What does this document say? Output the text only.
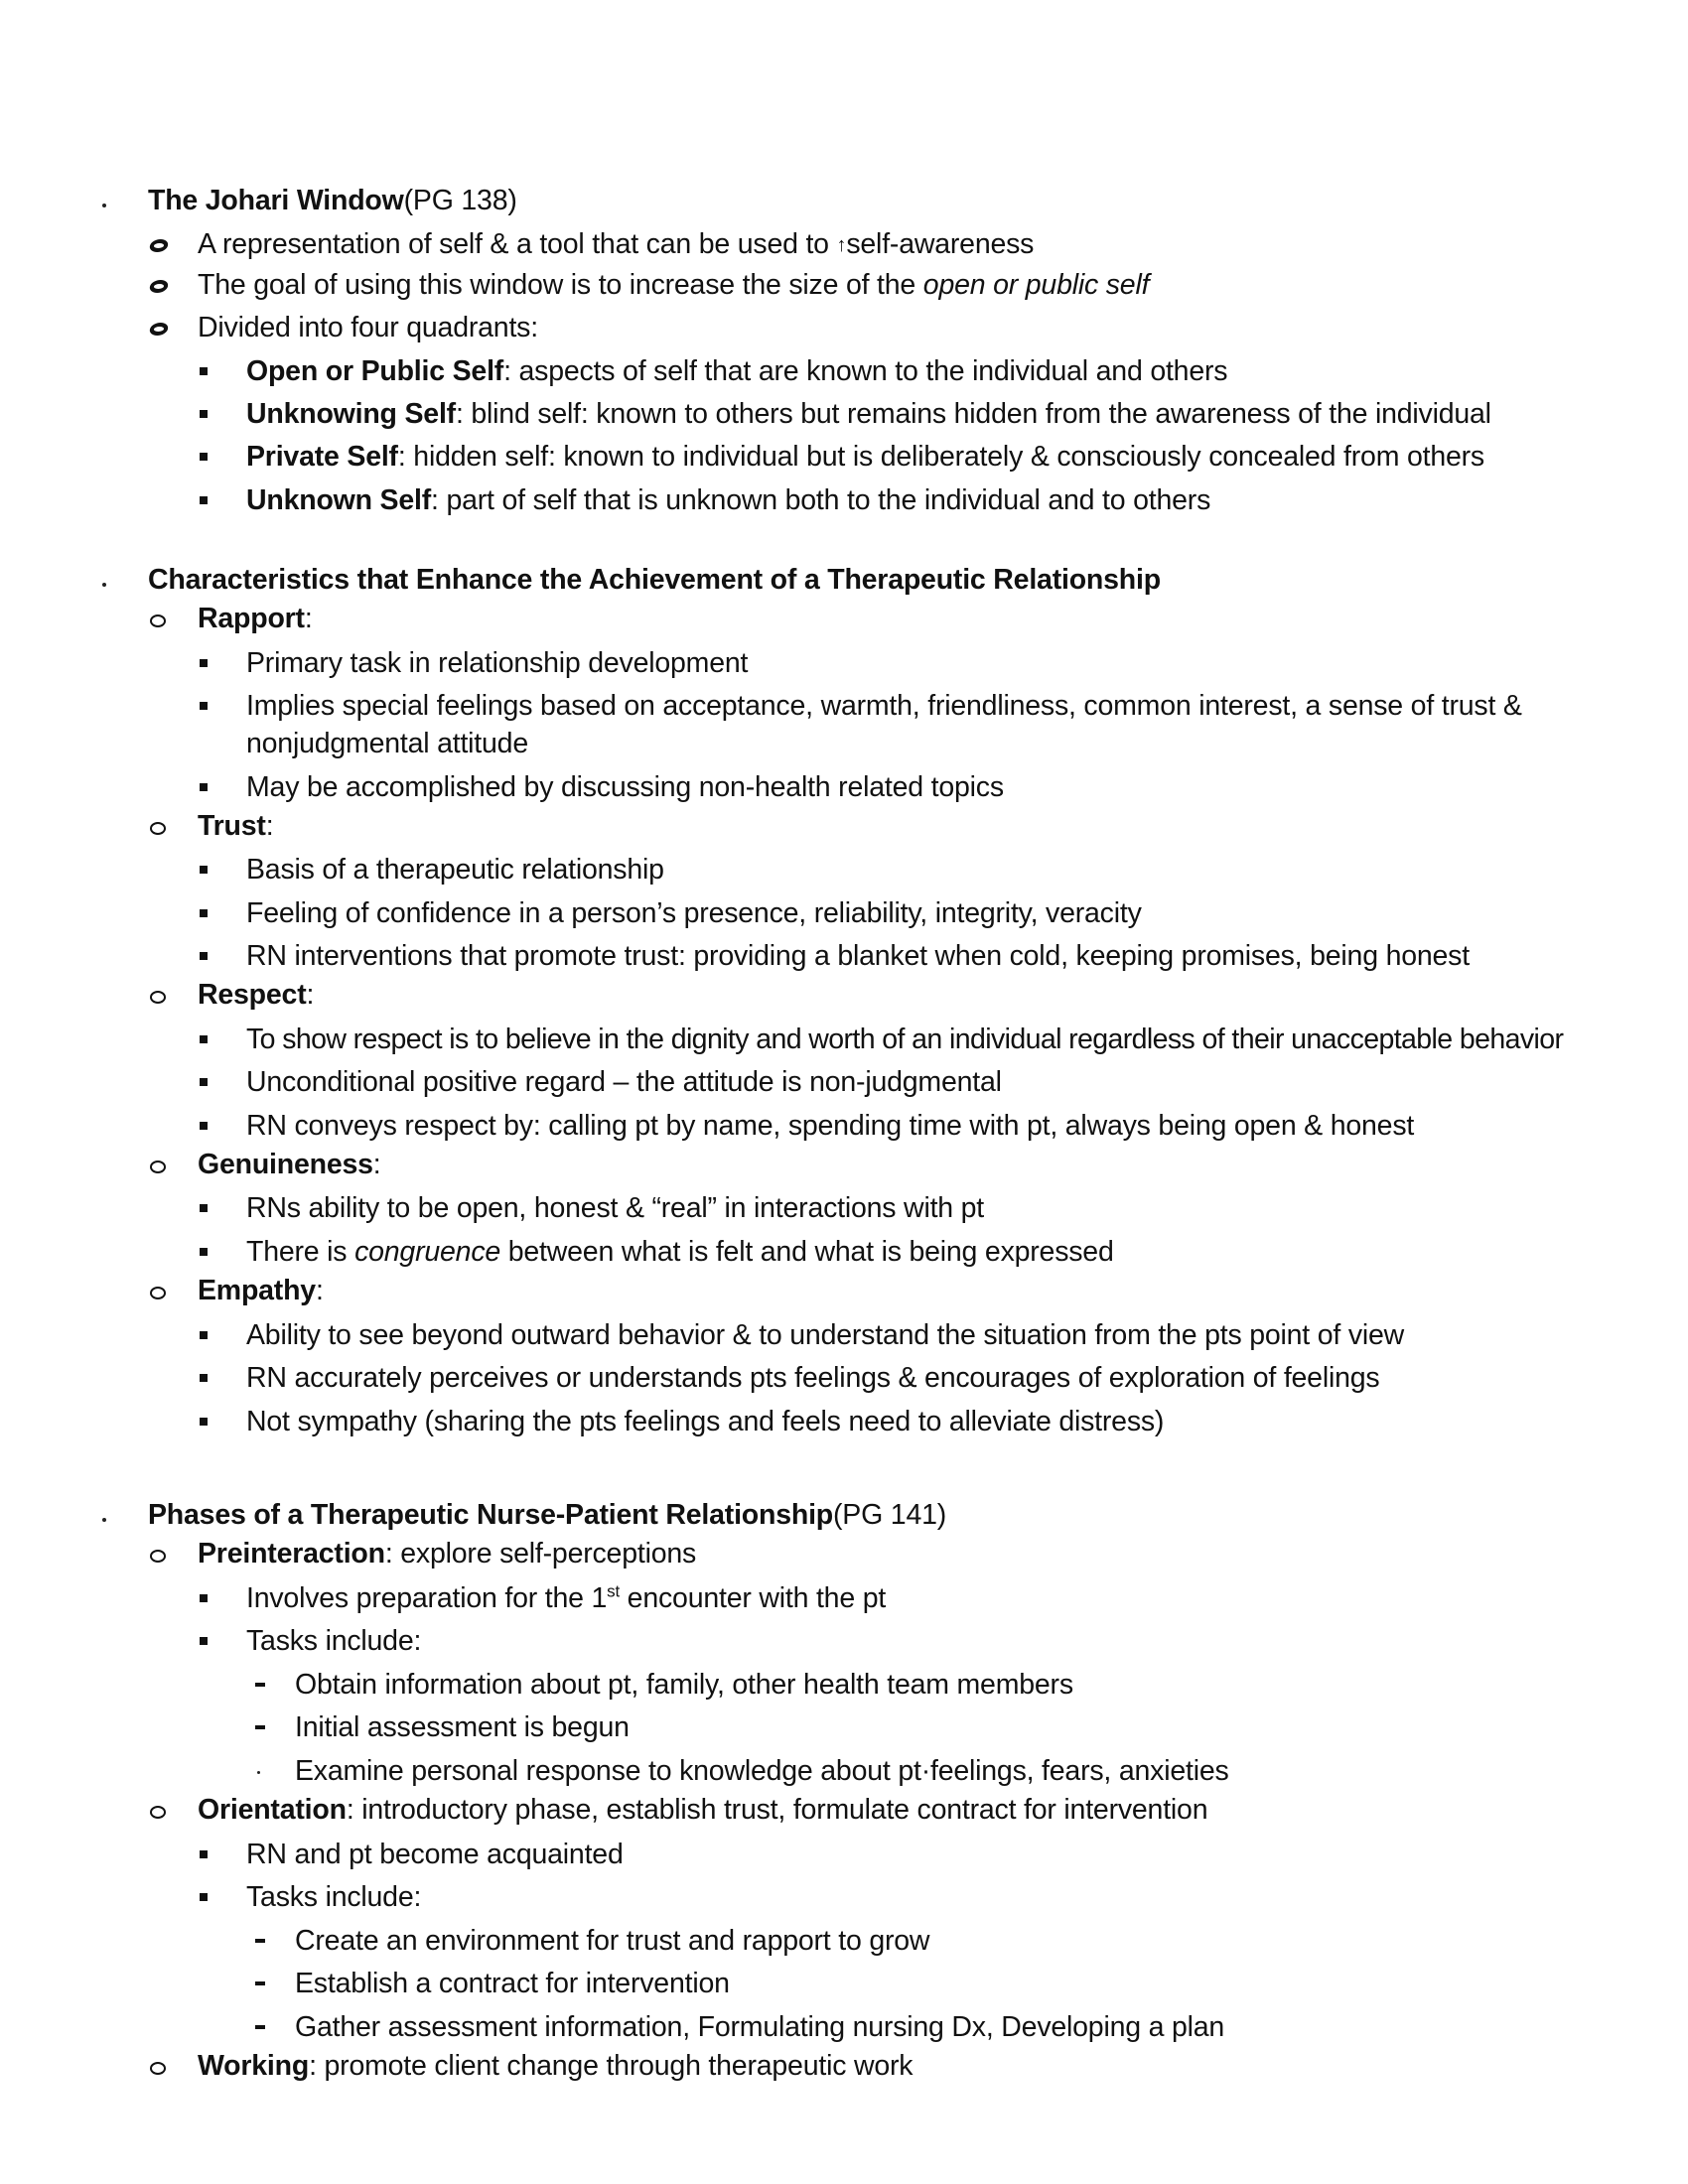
The Johari Window(PG 138)
A representation of self & a tool that can be used to ↑self-awareness
The goal of using this window is to increase the size of the open or public self
Divided into four quadrants:
Open or Public Self: aspects of self that are known to the individual and others
Unknowing Self: blind self: known to others but remains hidden from the awareness of the individual
Private Self: hidden self: known to individual but is deliberately & consciously concealed from others
Unknown Self: part of self that is unknown both to the individual and to others
Characteristics that Enhance the Achievement of a Therapeutic Relationship
Rapport:
Primary task in relationship development
Implies special feelings based on acceptance, warmth, friendliness, common interest, a sense of trust &
nonjudgmental attitude
May be accomplished by discussing non-health related topics
Trust:
Basis of a therapeutic relationship
Feeling of confidence in a person’s presence, reliability, integrity, veracity
RN interventions that promote trust: providing a blanket when cold, keeping promises, being honest
Respect:
To show respect is to believe in the dignity and worth of an individual regardless of their unacceptable behavior
Unconditional positive regard – the attitude is non-judgmental
RN conveys respect by: calling pt by name, spending time with pt, always being open & honest
Genuineness:
RNs ability to be open, honest & “real” in interactions with pt
There is congruence between what is felt and what is being expressed
Empathy:
Ability to see beyond outward behavior & to understand the situation from the pts point of view
RN accurately perceives or understands pts feelings & encourages of exploration of feelings
Not sympathy (sharing the pts feelings and feels need to alleviate distress)
Phases of a Therapeutic Nurse-Patient Relationship(PG 141)
Preinteraction: explore self-perceptions
Involves preparation for the 1st encounter with the pt
Tasks include:
Obtain information about pt, family, other health team members
Initial assessment is begun
Examine personal response to knowledge about pt·feelings, fears, anxieties
Orientation: introductory phase, establish trust, formulate contract for intervention
RN and pt become acquainted
Tasks include:
Create an environment for trust and rapport to grow
Establish a contract for intervention
Gather assessment information, Formulating nursing Dx, Developing a plan
Working: promote client change through therapeutic work
